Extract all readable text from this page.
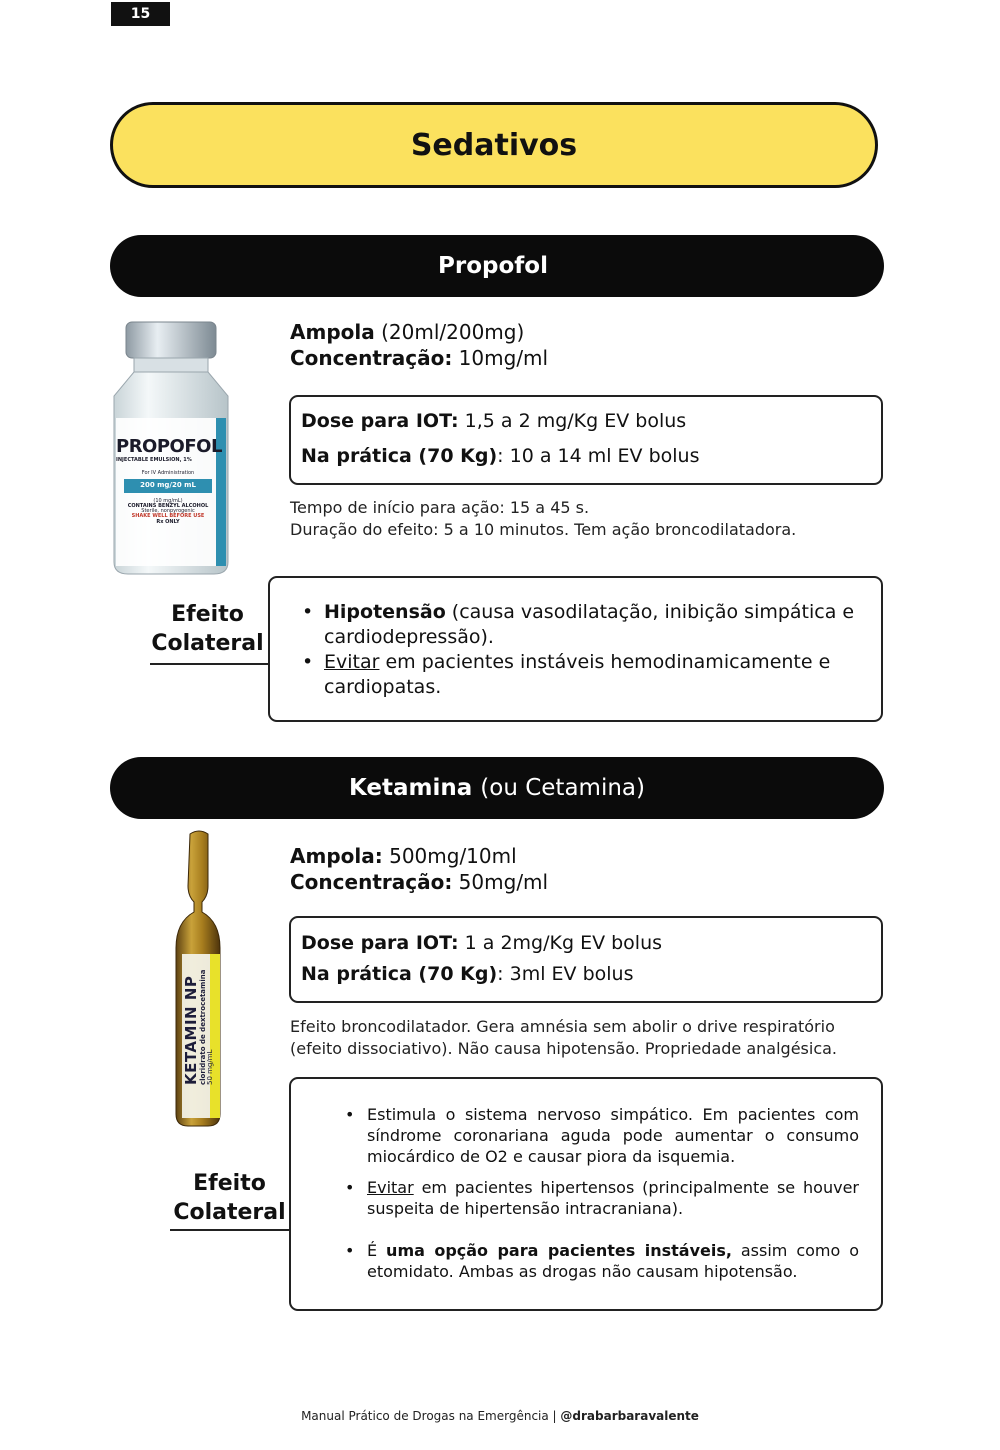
15
Sedativos
Propofol
PROPOFOL
INJECTABLE EMULSION, 1%
For IV Administration
200 mg/20 mL
(10 mg/mL)
CONTAINS BENZYL ALCOHOL
Sterile, nonpyrogenic
SHAKE WELL BEFORE USE
Rx ONLY
Ampola (20ml/200mg)
Concentração: 10mg/ml
Dose para IOT: 1,5 a 2 mg/Kg EV bolus
Na prática (70 Kg): 10 a 14 ml EV bolus
Tempo de início para ação: 15 a 45 s.
Duração do efeito: 5 a 10 minutos. Tem ação broncodilatadora.
Efeito
Colateral
• Hipotensão (causa vasodilatação, inibição simpática e cardiodepressão).
• Evitar em pacientes instáveis hemodinamicamente e cardiopatas.
Ketamina (ou Cetamina)
KETAMIN NP
cloridrato de dextrocetamina 50 mg/mL
Ampola: 500mg/10ml
Concentração: 50mg/ml
Dose para IOT: 1 a 2mg/Kg EV bolus
Na prática (70 Kg): 3ml EV bolus
Efeito broncodilatador. Gera amnésia sem abolir o drive respiratório
(efeito dissociativo). Não causa hipotensão. Propriedade analgésica.
Efeito
Colateral
• Estimula o sistema nervoso simpático. Em pacientes com síndrome coronariana aguda pode aumentar o consumo miocárdico de O2 e causar piora da isquemia.
• Evitar em pacientes hipertensos (principalmente se houver suspeita de hipertensão intracraniana).
• É uma opção para pacientes instáveis, assim como o etomidato. Ambas as drogas não causam hipotensão.
Manual Prático de Drogas na Emergência | @drabarbaravalente
